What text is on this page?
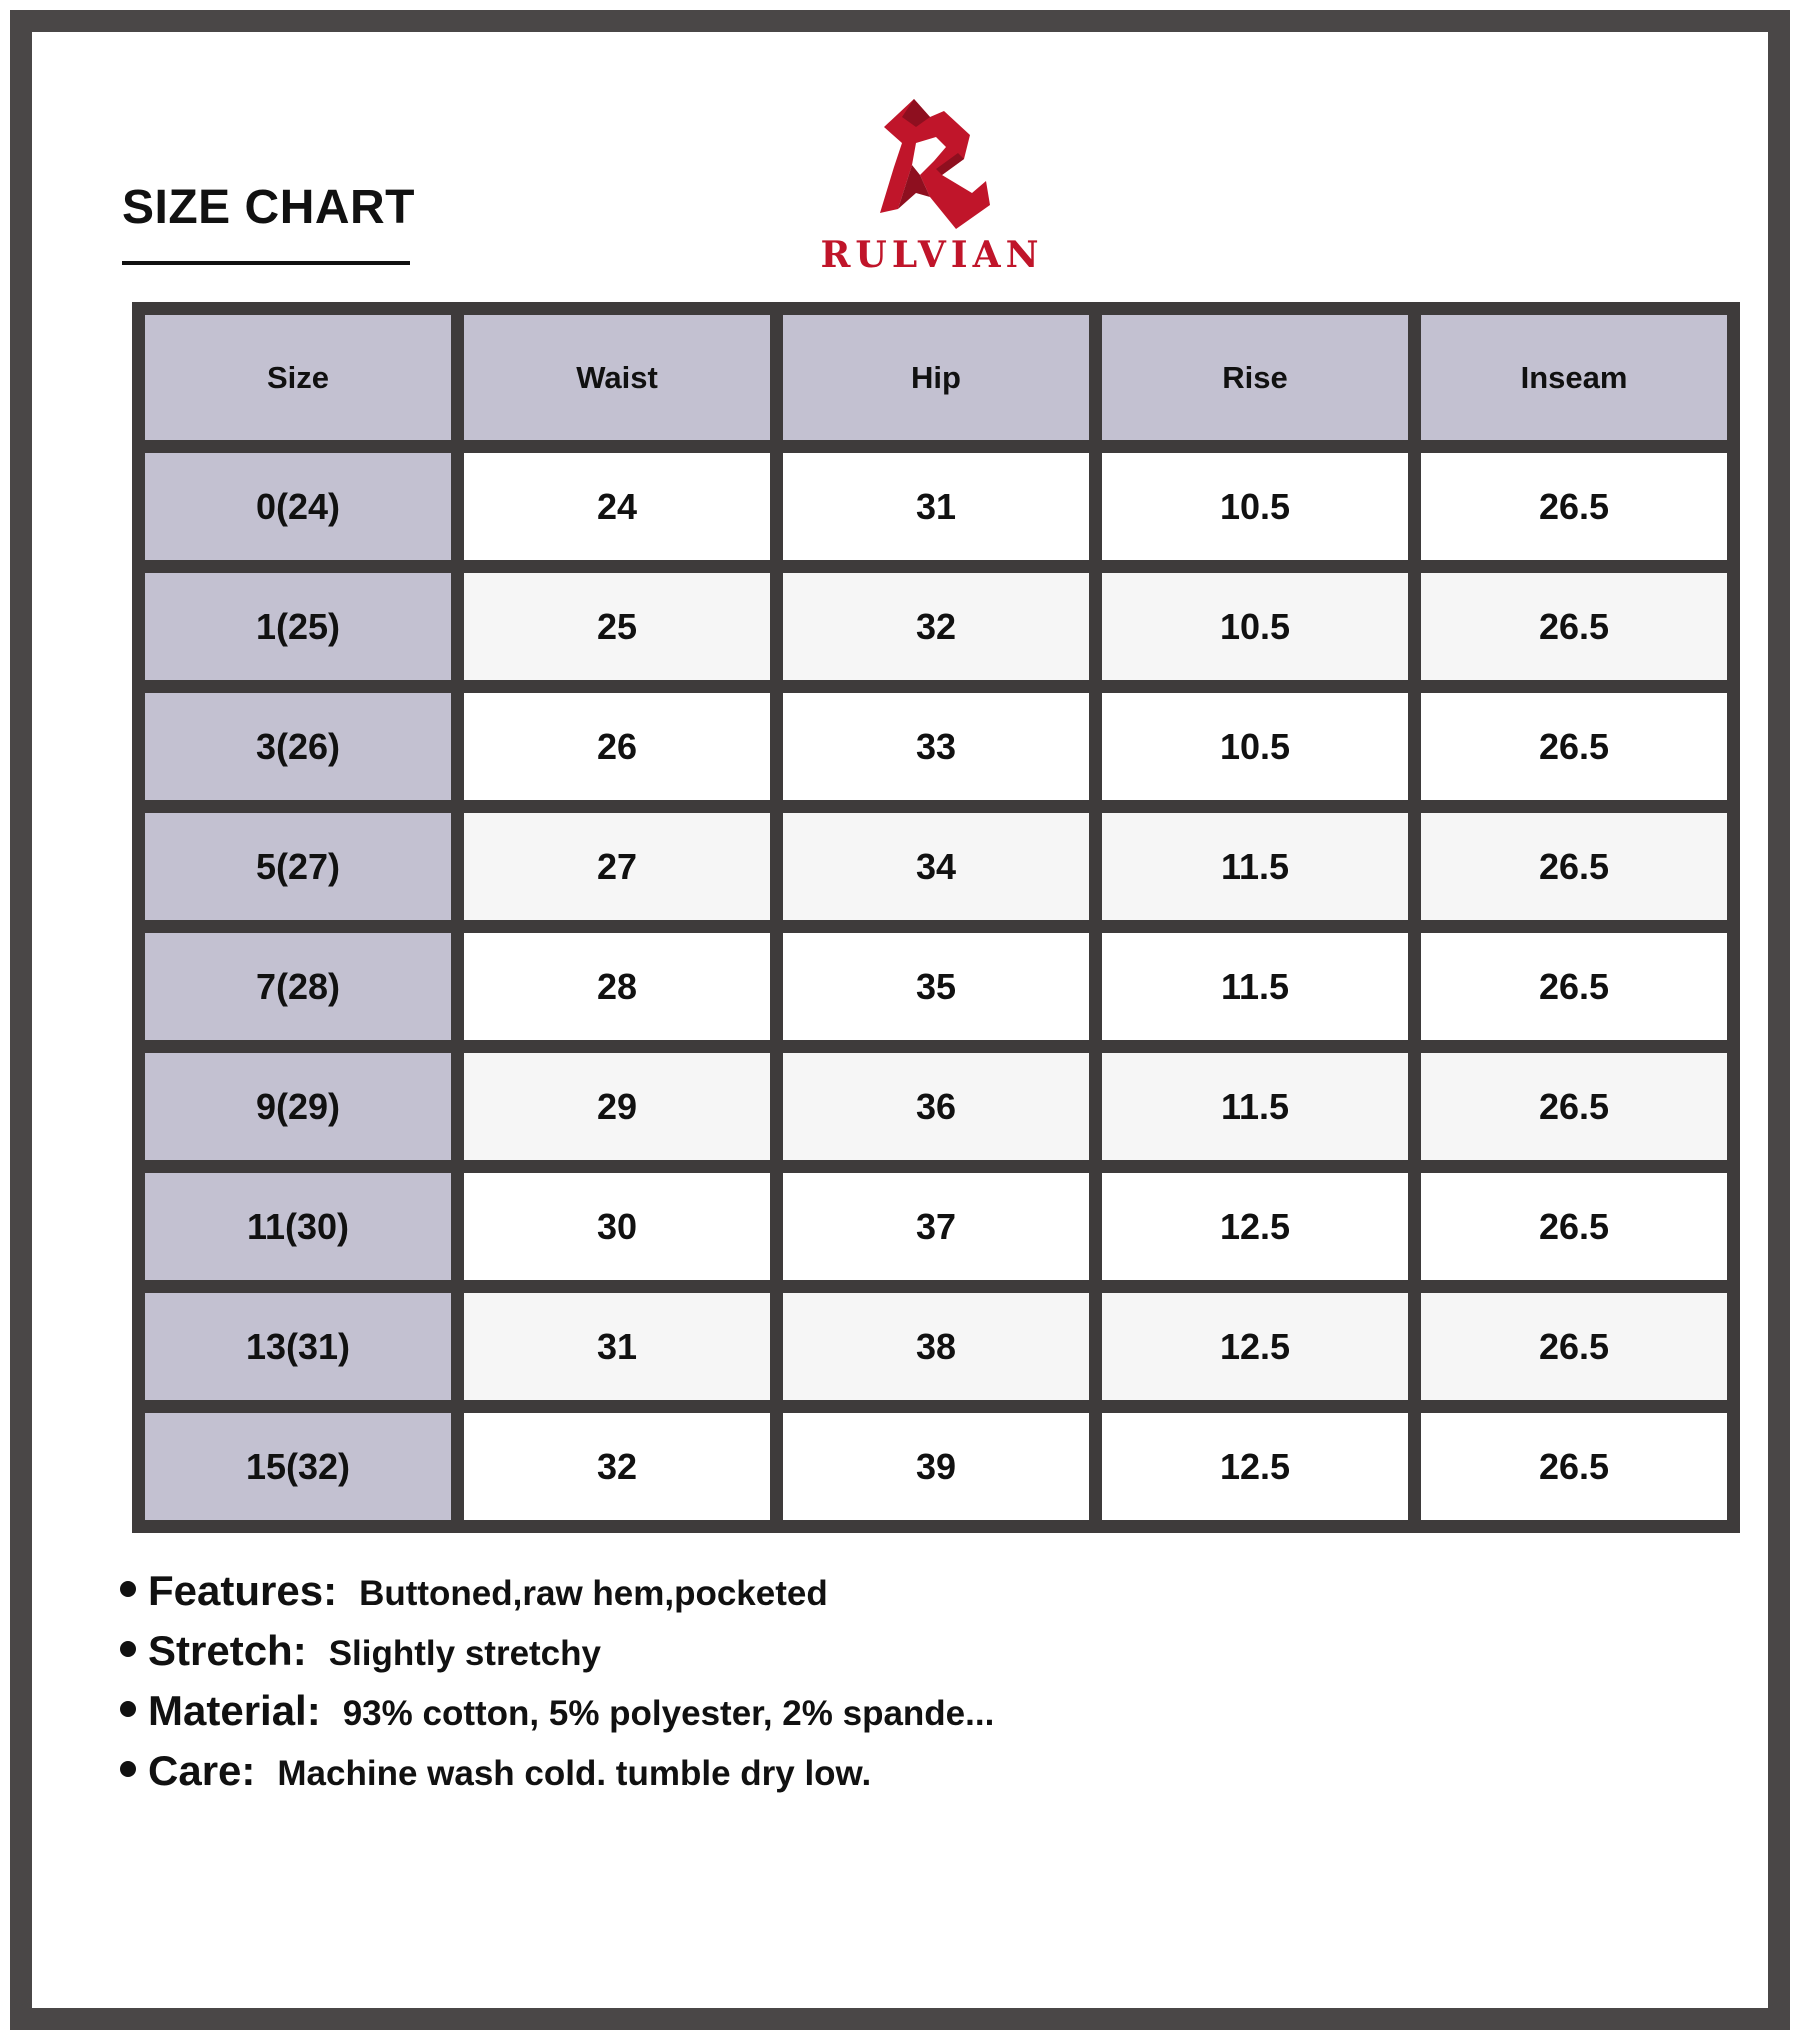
SIZE CHART
RULVIAN
Size	Waist	Hip	Rise	Inseam
0(24)	24	31	10.5	26.5
1(25)	25	32	10.5	26.5
3(26)	26	33	10.5	26.5
5(27)	27	34	11.5	26.5
7(28)	28	35	11.5	26.5
9(29)	29	36	11.5	26.5
11(30)	30	37	12.5	26.5
13(31)	31	38	12.5	26.5
15(32)	32	39	12.5	26.5
Features: Buttoned,raw hem,pocketed
Stretch: Slightly stretchy
Material: 93% cotton, 5% polyester, 2% spande...
Care: Machine wash cold. tumble dry low.
